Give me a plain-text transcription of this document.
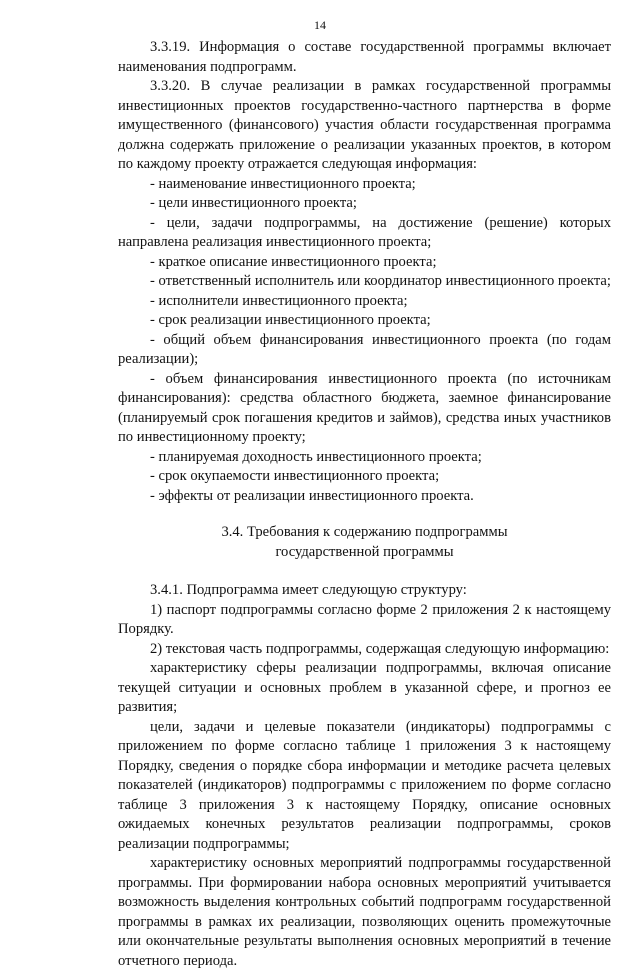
14

3.3.19. Информация о составе государственной программы включает наименования подпрограмм.

3.3.20. В случае реализации в рамках государственной программы инвестиционных проектов государственно-частного партнерства в форме имущественного (финансового) участия области государственная программа должна содержать приложение о реализации указанных проектов, в котором по каждому проекту отражается следующая информация:

- наименование инвестиционного проекта;

- цели инвестиционного проекта;

- цели, задачи подпрограммы, на достижение (решение) которых направлена реализация инвестиционного проекта;

- краткое описание инвестиционного проекта;

- ответственный исполнитель или координатор инвестиционного проекта;

- исполнители инвестиционного проекта;

- срок реализации инвестиционного проекта;

- общий объем финансирования инвестиционного проекта (по годам реализации);

- объем финансирования инвестиционного проекта (по источникам финансирования): средства областного бюджета, заемное финансирование (планируемый срок погашения кредитов и займов), средства иных участников по инвестиционному проекту;

- планируемая доходность инвестиционного проекта;

- срок окупаемости инвестиционного проекта;

- эффекты от реализации инвестиционного проекта.

3.4. Требования к содержанию подпрограммы
государственной программы

3.4.1. Подпрограмма имеет следующую структуру:

1) паспорт подпрограммы согласно форме 2 приложения 2 к настоящему Порядку.

2) текстовая часть подпрограммы, содержащая следующую информацию:

характеристику сферы реализации подпрограммы, включая описание текущей ситуации и основных проблем в указанной сфере, и прогноз ее развития;

цели, задачи и целевые показатели (индикаторы) подпрограммы с приложением по форме согласно таблице 1 приложения 3 к настоящему Порядку, сведения о порядке сбора информации и методике расчета целевых показателей (индикаторов) подпрограммы с приложением по форме согласно таблице 3 приложения 3 к настоящему Порядку, описание основных ожидаемых конечных результатов реализации подпрограммы, сроков реализации подпрограммы;

характеристику основных мероприятий подпрограммы государственной программы. При формировании набора основных мероприятий учитывается возможность выделения контрольных событий подпрограмм государственной программы в рамках их реализации, позволяющих оценить промежуточные или окончательные результаты выполнения основных мероприятий в течение отчетного периода.
